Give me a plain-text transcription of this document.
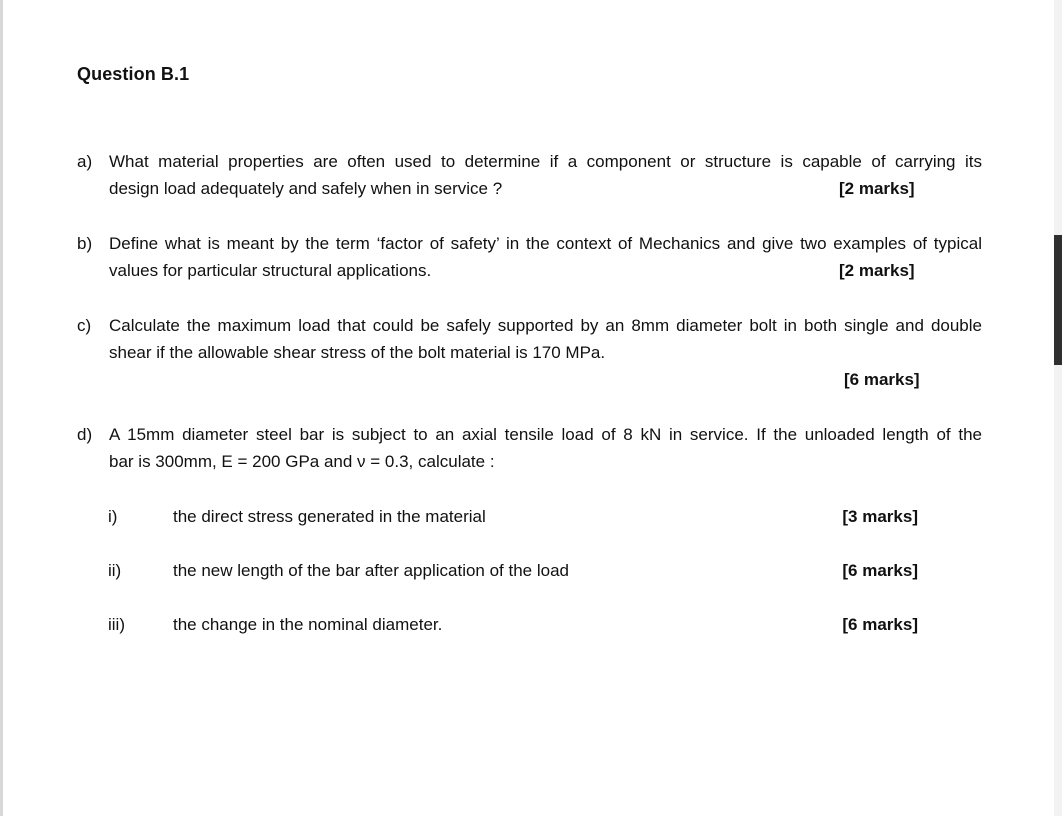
Question B.1
a) What material properties are often used to determine if a component or structure is capable of carrying its
design load adequately and safely when in service ?	[2 marks]
b) Define what is meant by the term ‘factor of safety’ in the context of Mechanics and give two examples of typical
values for particular structural applications.	[2 marks]
c) Calculate the maximum load that could be safely supported by an 8mm diameter bolt in both single and double
shear if the allowable shear stress of the bolt material is 170 MPa.
[6 marks]
d) A 15mm diameter steel bar is subject to an axial tensile load of 8 kN in service. If the unloaded length of the
bar is 300mm, E = 200 GPa and ν = 0.3, calculate :
i)	the direct stress generated in the material	[3 marks]
ii)	the new length of the bar after application of the load	[6 marks]
iii)	the change in the nominal diameter.	[6 marks]
